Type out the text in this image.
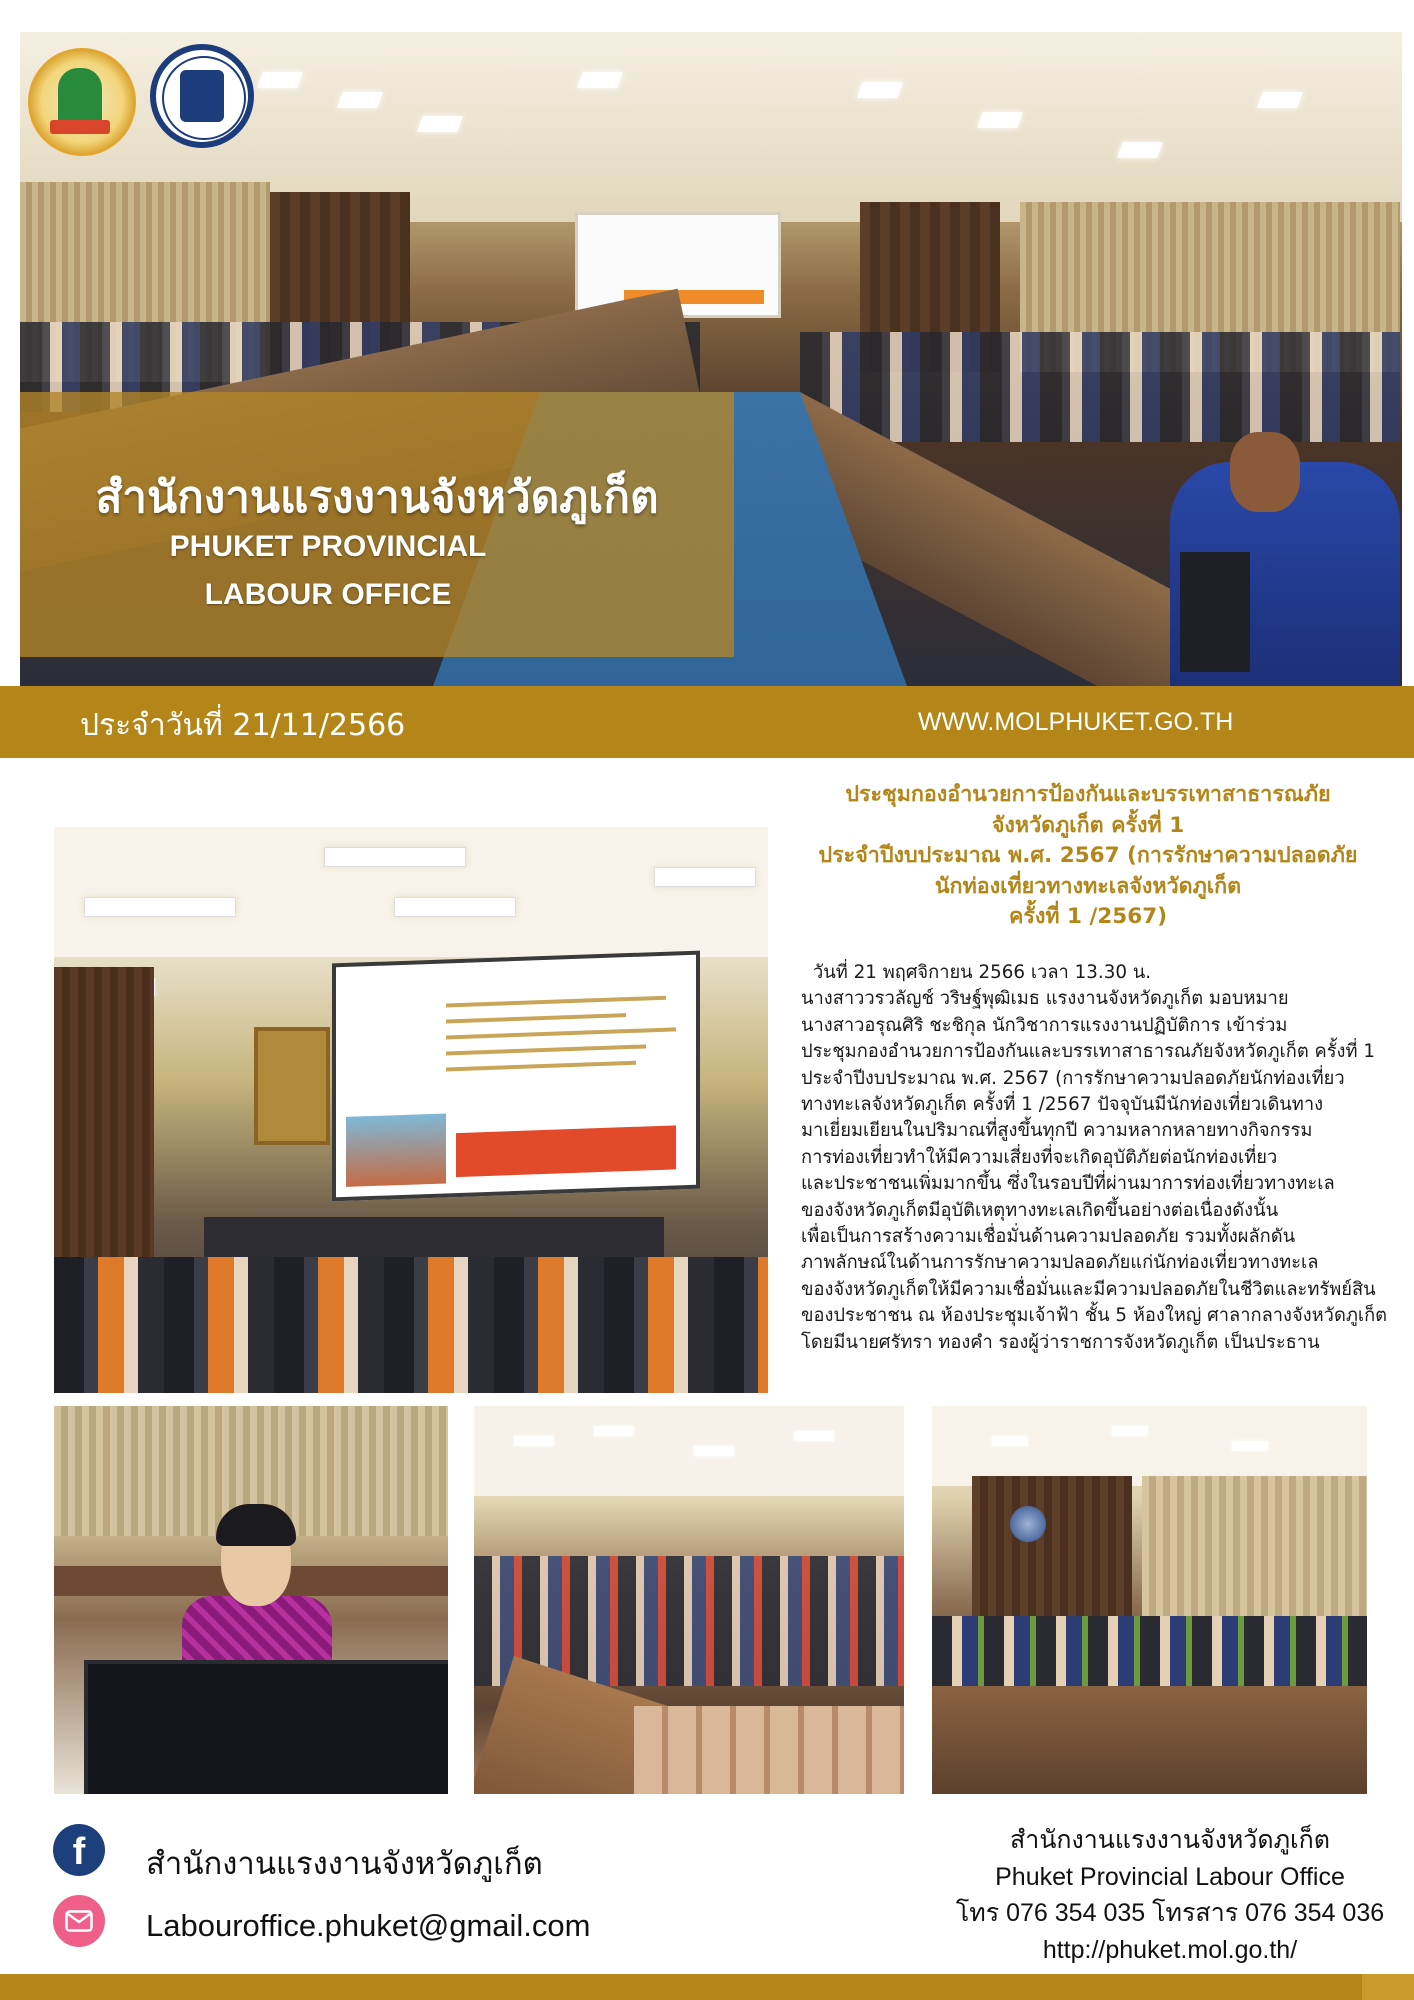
สำนักงานแรงงานจังหวัดภูเก็ต
PHUKET PROVINCIAL
LABOUR OFFICE
ประจำวันที่ 21/11/2566	WWW.MOLPHUKET.GO.TH
ประชุมกองอำนวยการป้องกันและบรรเทาสาธารณภัย
จังหวัดภูเก็ต ครั้งที่ 1
ประจำปีงบประมาณ พ.ศ. 2567 (การรักษาความปลอดภัย
นักท่องเที่ยวทางทะเลจังหวัดภูเก็ต
ครั้งที่ 1 /2567)
วันที่ 21 พฤศจิกายน 2566 เวลา 13.30 น.
นางสาววรวลัญช์ วริษฐ์พุฒิเมธ แรงงานจังหวัดภูเก็ต มอบหมาย
นางสาวอรุณศิริ ชะชิกุล นักวิชาการแรงงานปฏิบัติการ เข้าร่วม
ประชุมกองอำนวยการป้องกันและบรรเทาสาธารณภัยจังหวัดภูเก็ต ครั้งที่ 1
ประจำปีงบประมาณ พ.ศ. 2567 (การรักษาความปลอดภัยนักท่องเที่ยว
ทางทะเลจังหวัดภูเก็ต ครั้งที่ 1 /2567 ปัจจุบันมีนักท่องเที่ยวเดินทาง
มาเยี่ยมเยียนในปริมาณที่สูงขึ้นทุกปี ความหลากหลายทางกิจกรรม
การท่องเที่ยวทำให้มีความเสี่ยงที่จะเกิดอุบัติภัยต่อนักท่องเที่ยว
และประชาชนเพิ่มมากขึ้น ซึ่งในรอบปีที่ผ่านมาการท่องเที่ยวทางทะเล
ของจังหวัดภูเก็ตมีอุบัติเหตุทางทะเลเกิดขึ้นอย่างต่อเนื่องดังนั้น
เพื่อเป็นการสร้างความเชื่อมั่นด้านความปลอดภัย รวมทั้งผลักดัน
ภาพลักษณ์ในด้านการรักษาความปลอดภัยแก่นักท่องเที่ยวทางทะเล
ของจังหวัดภูเก็ตให้มีความเชื่อมั่นและมีความปลอดภัยในชีวิตและทรัพย์สิน
ของประชาชน ณ ห้องประชุมเจ้าฟ้า ชั้น 5 ห้องใหญ่ ศาลากลางจังหวัดภูเก็ต
โดยมีนายศรัทรา ทองคำ รองผู้ว่าราชการจังหวัดภูเก็ต เป็นประธาน
f	สำนักงานแรงงานจังหวัดภูเก็ต
Labouroffice.phuket@gmail.com
สำนักงานแรงงานจังหวัดภูเก็ต
Phuket Provincial Labour Office
โทร 076 354 035 โทรสาร 076 354 036
http://phuket.mol.go.th/
